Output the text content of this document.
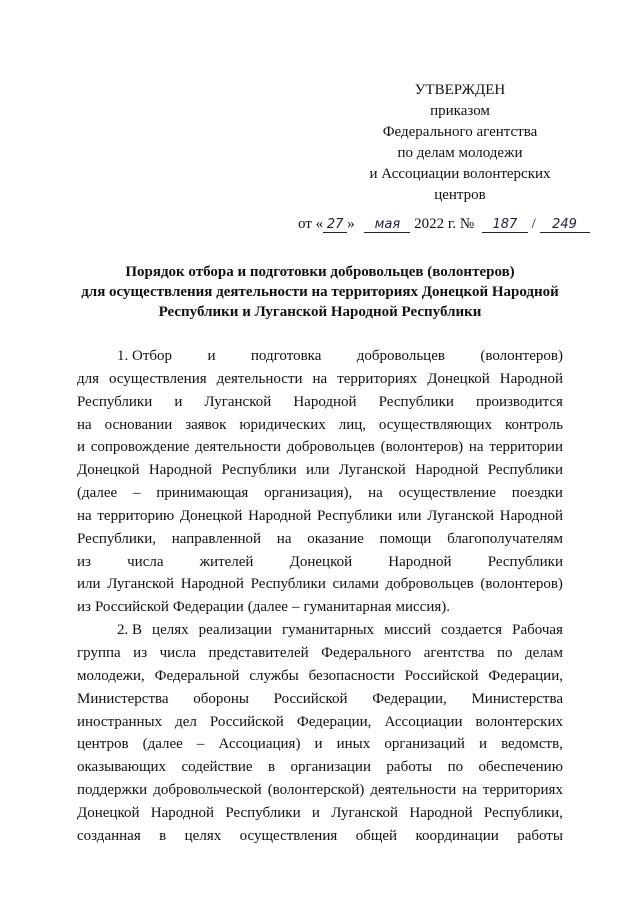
УТВЕРЖДЕН
приказом
Федерального агентства
по делам молодежи
и Ассоциации волонтерских
центров
от « 27 » мая 2022 г. № 187 / 249
Порядок отбора и подготовки добровольцев (волонтеров)
для осуществления деятельности на территориях Донецкой Народной
Республики и Луганской Народной Республики
1. Отбор и подготовка добровольцев (волонтеров)
для осуществления деятельности на территориях Донецкой Народной
Республики и Луганской Народной Республики производится
на основании заявок юридических лиц, осуществляющих контроль
и сопровождение деятельности добровольцев (волонтеров) на территории
Донецкой Народной Республики или Луганской Народной Республики
(далее – принимающая организация), на осуществление поездки
на территорию Донецкой Народной Республики или Луганской Народной
Республики, направленной на оказание помощи благополучателям
из числа жителей Донецкой Народной Республики
или Луганской Народной Республики силами добровольцев (волонтеров)
из Российской Федерации (далее – гуманитарная миссия).
2. В целях реализации гуманитарных миссий создается Рабочая
группа из числа представителей Федерального агентства по делам
молодежи, Федеральной службы безопасности Российской Федерации,
Министерства обороны Российской Федерации, Министерства
иностранных дел Российской Федерации, Ассоциации волонтерских
центров (далее – Ассоциация) и иных организаций и ведомств,
оказывающих содействие в организации работы по обеспечению
поддержки добровольческой (волонтерской) деятельности на территориях
Донецкой Народной Республики и Луганской Народной Республики,
созданная в целях осуществления общей координации работы
